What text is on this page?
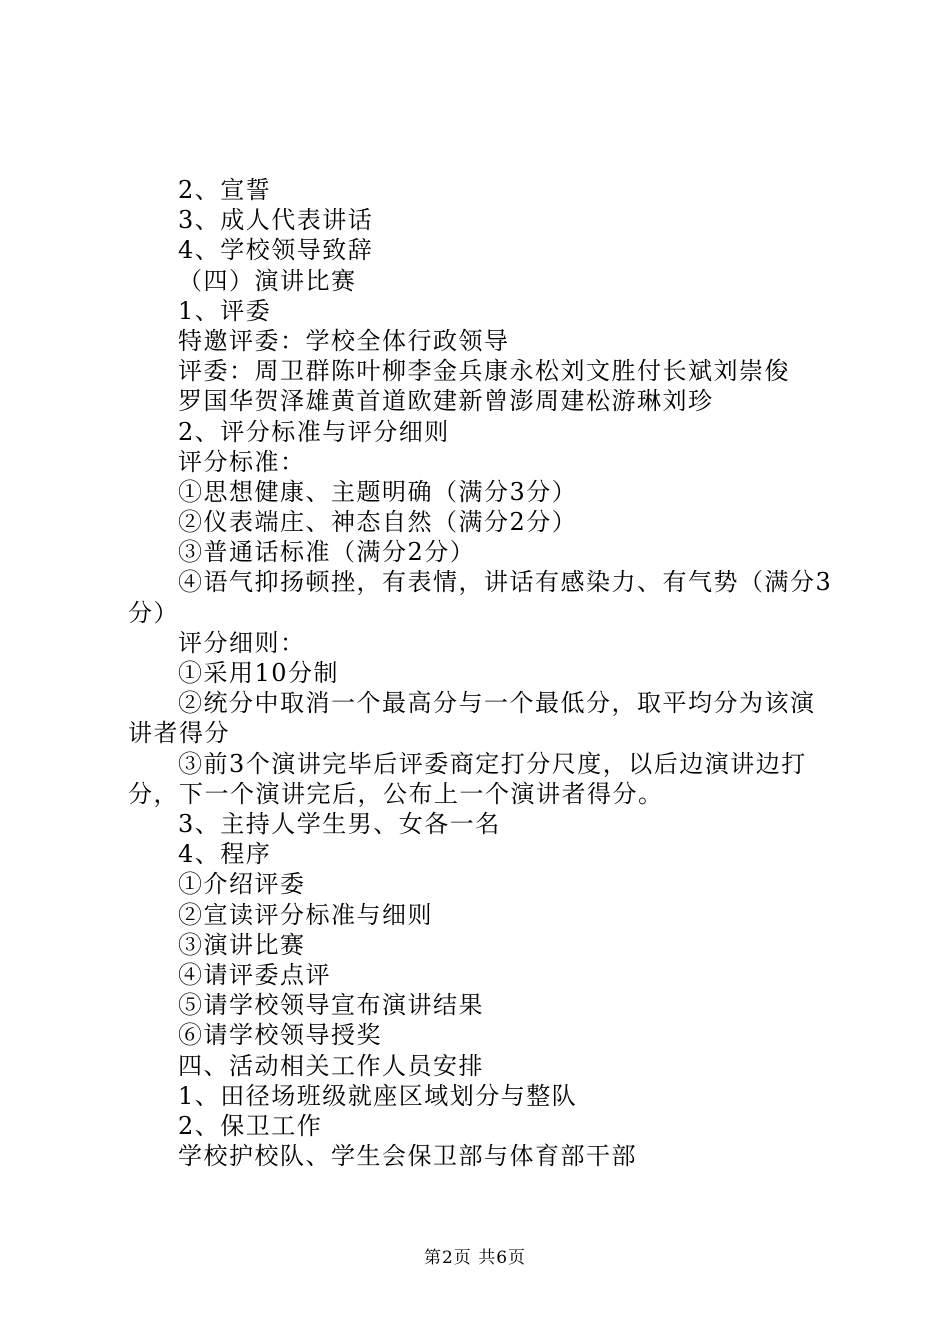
2、宣誓
3、成人代表讲话
4、学校领导致辞
（四）演讲比赛
1、评委
特邀评委：学校全体行政领导
评委：周卫群陈叶柳李金兵康永松刘文胜付长斌刘崇俊
罗国华贺泽雄黄首道欧建新曾澎周建松游琳刘珍
2、评分标准与评分细则
评分标准：
①思想健康、主题明确（满分3分）
②仪表端庄、神态自然（满分2分）
③普通话标准（满分2分）
④语气抑扬顿挫，有表情，讲话有感染力、有气势（满分3分）
评分细则：
①采用10分制
②统分中取消一个最高分与一个最低分，取平均分为该演讲者得分
③前3个演讲完毕后评委商定打分尺度，以后边演讲边打分，下一个演讲完后，公布上一个演讲者得分。
3、主持人学生男、女各一名
4、程序
①介绍评委
②宣读评分标准与细则
③演讲比赛
④请评委点评
⑤请学校领导宣布演讲结果
⑥请学校领导授奖
四、活动相关工作人员安排
1、田径场班级就座区域划分与整队
2、保卫工作
学校护校队、学生会保卫部与体育部干部
第2页 共6页
